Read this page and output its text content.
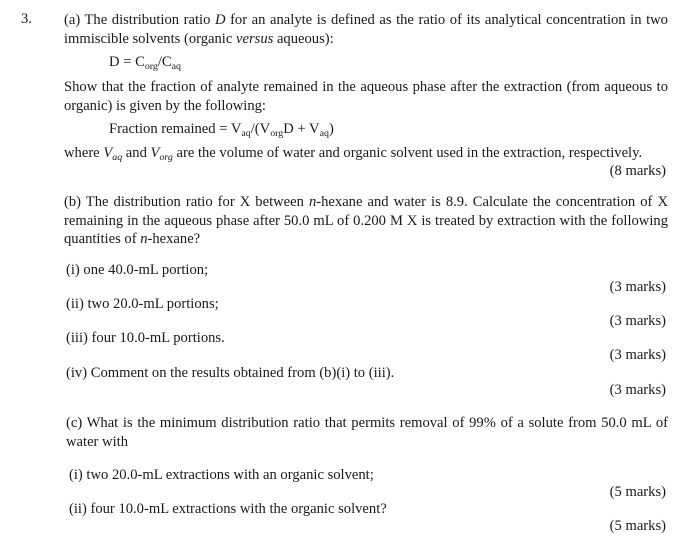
3. (a) The distribution ratio D for an analyte is defined as the ratio of its analytical concentration in two immiscible solvents (organic versus aqueous):
$D = C_{org}/C_{aq}$
Show that the fraction of analyte remained in the aqueous phase after the extraction (from aqueous to organic) is given by the following:
Fraction remained = $V_{aq}/(V_{org}D + V_{aq})$
where $V_{aq}$ and $V_{org}$ are the volume of water and organic solvent used in the extraction, respectively.
(8 marks)
(b) The distribution ratio for X between n-hexane and water is 8.9. Calculate the concentration of X remaining in the aqueous phase after 50.0 mL of 0.200 M X is treated by extraction with the following quantities of n-hexane?
(i) one 40.0-mL portion;
(3 marks)
(ii) two 20.0-mL portions;
(3 marks)
(iii) four 10.0-mL portions.
(3 marks)
(iv) Comment on the results obtained from (b)(i) to (iii).
(3 marks)
(c) What is the minimum distribution ratio that permits removal of 99% of a solute from 50.0 mL of water with
(i) two 20.0-mL extractions with an organic solvent;
(5 marks)
(ii) four 10.0-mL extractions with the organic solvent?
(5 marks)
